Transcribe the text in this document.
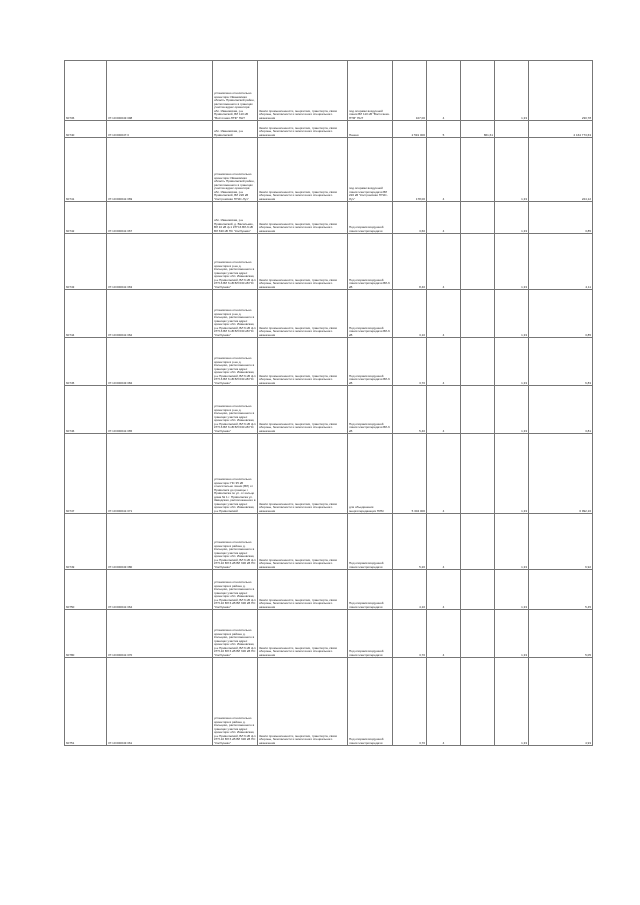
60736	37:10:000043:398	установлено относительно ориентира: Ивановская область Приволжский район, расположенного в границах участка адрес ориентира: обл. Ивановская, р-н Приволжский, ВЛ 110 кВ "Восточная-ПТФ" ПНТ	Земли промышленности, энергетики, транспорта, связи обороны, безопасности и земли иного специального назначения	под опорами воздушной линии ВЛ 110 кВ "Восточная-ПТФ" ПНТ	107,00	4		1,33	230,78
60740	37:10:000047:3	обл. Ивановская, р-н Приволжский	Земли промышленности, энергетики, транспорта, связи обороны, безопасности и земли иного специального назначения	Пашня	2 591 000	5	861,61		2 164 773,63
60741	37:10:000041:369	установлено относительно ориентира: Ивановская область Приволжский район, расположенного в границах участка адрес ориентира: обл. Ивановская, р-н Приволжский, ВЛ 220 кВ "Костромская ГРЭС-Луч"	Земли промышленности, энергетики, транспорта, связи обороны, безопасности и земли иного специального назначения	под опорами воздушной линии электропередачи ВЛ 220 кВ "Костромская ГРЭС-Луч"	178,00	4		1,33	224,12
60742	37:10:000041:367	обл. Ивановская, р-н Приволжский, д. Васильево, ВЛ 10 кВ ф.1 КТП-6 ВЛ-6 кВ ВЛ 630 кВ ПС "Колбунево"	Земли промышленности, энергетики, транспорта, связи обороны, безопасности и земли иного специального назначения	Под опорами воздушной линии электропередачи	3,60	4		1,33	3,85
60743	37:10:000041:363	установлено относительно ориентира в р-не д. Кольцово, расположенного в границах участка адрес ориентира: обл. Ивановская, р-н Приволжский, ВЛ 6 кВ ф.1 КТП-6 ВЛ 6 кВ ВЛ 630 кВ ПС "Колбунево"	Земли промышленности, энергетики, транспорта, связи обороны, безопасности и земли иного специального назначения	Под опорами воздушной линии электропередачи ВЛ-6 кВ	8,40	4		1,33	4,11
60744	37:10:000041:362	установлено относительно ориентира в р-не д. Кольцово, расположенного в границах участка адрес ориентира: обл. Ивановская, р-н Приволжский, ВЛ 6 кВ ф.1 КТП-6 ВЛ 6 кВ ВЛ 630 кВ ПС "Колбунево"	Земли промышленности, энергетики, транспорта, связи обороны, безопасности и земли иного специального назначения	Под опорами воздушной линии электропередачи ВЛ-6 кВ	3,10	4		1,33	3,85
60745	37:10:000043:384	установлено относительно ориентира в р-не д. Кольцово, расположенного в границах участка адрес ориентира: обл. Ивановская, р-н Приволжский, ВЛ 6 кВ ф.1 КТП-6 ВЛ 6 кВ ВЛ 630 кВ ПС "Колбунево"	Земли промышленности, энергетики, транспорта, связи обороны, безопасности и земли иного специального назначения	Под опорами воздушной линии электропередачи ВЛ-6 кВ	3,70	4		1,33	6,83
60746	37:10:000041:365	установлено относительно ориентира в р-не д. Кольцово, расположенного в границах участка адрес ориентира: обл. Ивановская, р-н Приволжский, ВЛ 6 кВ ф.1 КТП-6 ВЛ 6 кВ ВЛ 630 кВ ПС "Колбунево"	Земли промышленности, энергетики, транспорта, связи обороны, безопасности и земли иного специального назначения	Под опорами воздушной линии электропередачи ВЛ-6 кВ	5,40	4		1,33	3,81
60747	37:10:000041:371	установлено относительно ориентира: ПС 35 кВ относительно линии (ВЛ) от Приволжск до границы г. Приволжска по ул. от кольцо дома № 1 г. Приволжска ул. Заводская, расположенного в границах участка адрес ориентира: обл. Ивановская, р-н Приволжский	Земли промышленности, энергетики, транспорта, связи обороны, безопасности и земли иного специального назначения	для объединения энергопередающих ПЛМ	5 304 000	4		1,33	6 992,16
60749	37:10:000043:380	установлено относительно ориентира в районе д. Кольцово, расположенного в границах участка адрес ориентира: обл. Ивановская, р-н Приволжский, ВЛ 6 кВ ф.1 КТП-10 ВЛ 6 кВ ВЛ 630 кВ ПС "Колбунево"	Земли промышленности, энергетики, транспорта, связи обороны, безопасности и земли иного специального назначения	Под опорами воздушной линии электропередачи	5,20	4		1,33	6,92
60750	37:10:000041:364	установлено относительно ориентира в районе д. Кольцово, расположенного в границах участка адрес ориентира: обл. Ивановская, р-н Приволжский, ВЛ 6 кВ ф.1 КТП-10 ВЛ 6 кВ ВЛ 630 кВ ПС "Колбунево"	Земли промышленности, энергетики, транспорта, связи обороны, безопасности и земли иного специального назначения	Под опорами воздушной линии электропередачи	4,10	4		1,33	5,45
60780	37:10:000041:370	установлено относительно ориентира в районе д. Кольцово, расположенного в границах участка адрес ориентира: обл. Ивановская, р-н Приволжский, ВЛ 6 кВ ф.1 КТП-10 ВЛ 6 кВ ВЛ 630 кВ ПС "Колбунево"	Земли промышленности, энергетики, транспорта, связи обороны, безопасности и земли иного специального назначения	Под опорами воздушной линии электропередачи	3,70	4		1,33	5,05
60751	37:10:000043:361	установлено относительно ориентира в районе д. Кольцово, расположенного в границах участка адрес ориентира: обл. Ивановская, р-н Приволжский, ВЛ 6 кВ ф.1 КТП-10 ВЛ 6 кВ ВЛ 630 кВ ПС "Колбунево"	Земли промышленности, энергетики, транспорта, связи обороны, безопасности и земли иного специального назначения	Под опорами воздушной линии электропередачи	3,70	4		1,33	4,93
